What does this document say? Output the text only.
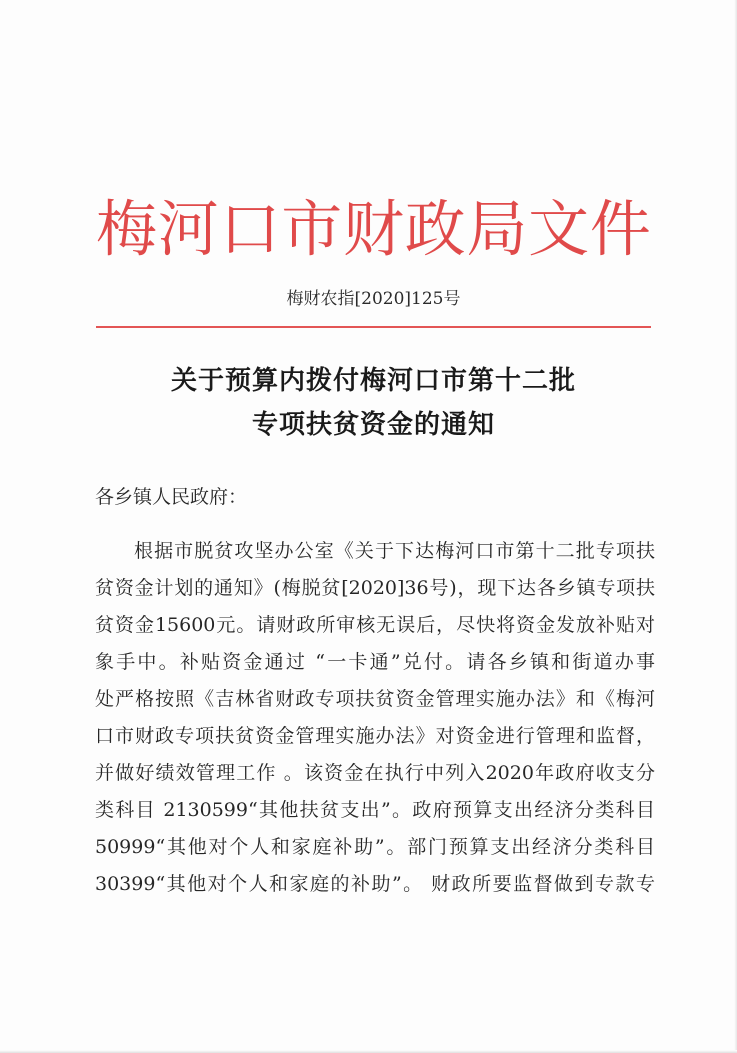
梅 河 口 市 财 政 局 文 件
梅财农指[2020]125号
关于预算内拨付梅河口市第十二批
专项扶贫资金的通知
各乡镇人民政府：
根据市脱贫攻坚办公室《关于下达梅河口市第十二批专项扶
贫资金计划的通知》(梅脱贫[2020]36号)，现下达各乡镇专项扶
贫资金15600元。请财政所审核无误后，尽快将资金发放补贴对
象手中。补贴资金通过 “一卡通”兑付。请各乡镇和街道办事
处严格按照《吉林省财政专项扶贫资金管理实施办法》和《梅河
口市财政专项扶贫资金管理实施办法》对资金进行管理和监督，
并做好绩效管理工作 。该资金在执行中列入2020年政府收支分
类科目 2130599“其他扶贫支出”。政府预算支出经济分类科目
50999“其他对个人和家庭补助”。部门预算支出经济分类科目
30399“其他对个人和家庭的补助”。 财政所要监督做到专款专
